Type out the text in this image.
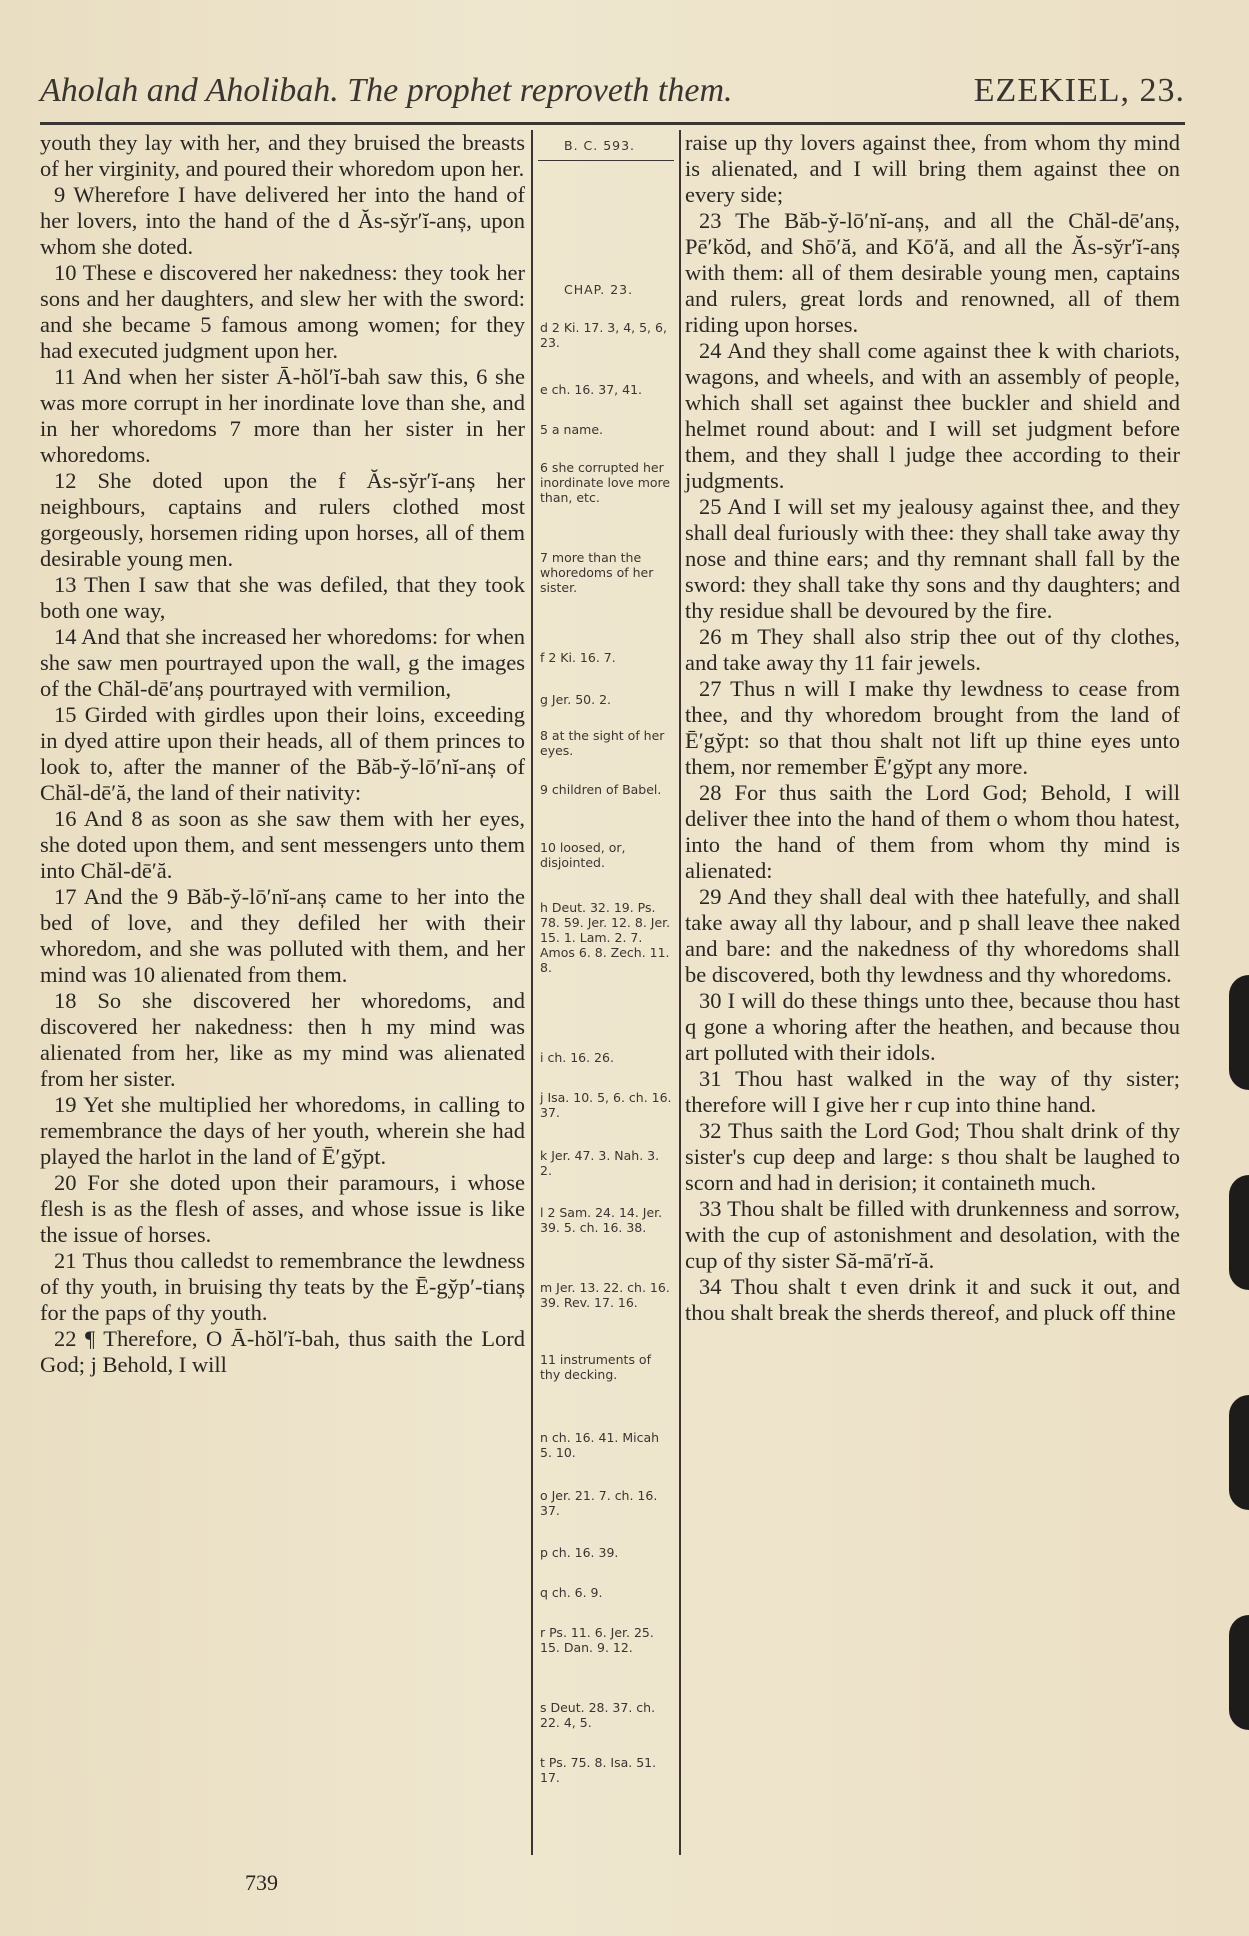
Aholah and Aholibah. The prophet reproveth them.	EZEKIEL, 23.

youth they lay with her, and they bruised the breasts of her virginity, and poured their whoredom upon her.

9 Wherefore I have delivered her into the hand of her lovers, into the hand of the d Ăs-sy̆r′ĭ-anș, upon whom she doted.

10 These e discovered her nakedness: they took her sons and her daughters, and slew her with the sword: and she became 5 famous among women; for they had executed judgment upon her.

11 And when her sister Ā-hŏl′ĭ-bah saw this, 6 she was more corrupt in her inordinate love than she, and in her whoredoms 7 more than her sister in her whoredoms.

12 She doted upon the f Ăs-sy̆r′ĭ-anș her neighbours, captains and rulers clothed most gorgeously, horsemen riding upon horses, all of them desirable young men.

13 Then I saw that she was defiled, that they took both one way,

14 And that she increased her whoredoms: for when she saw men pourtrayed upon the wall, g the images of the Chăl-dē′anș pourtrayed with vermilion,

15 Girded with girdles upon their loins, exceeding in dyed attire upon their heads, all of them princes to look to, after the manner of the Băb-y̆-lō′nĭ-anș of Chăl-dē′ă, the land of their nativity:

16 And 8 as soon as she saw them with her eyes, she doted upon them, and sent messengers unto them into Chăl-dē′ă.

17 And the 9 Băb-y̆-lō′nĭ-anș came to her into the bed of love, and they defiled her with their whoredom, and she was polluted with them, and her mind was 10 alienated from them.

18 So she discovered her whoredoms, and discovered her nakedness: then h my mind was alienated from her, like as my mind was alienated from her sister.

19 Yet she multiplied her whoredoms, in calling to remembrance the days of her youth, wherein she had played the harlot in the land of Ē′gy̆pt.

20 For she doted upon their paramours, i whose flesh is as the flesh of asses, and whose issue is like the issue of horses.

21 Thus thou calledst to remembrance the lewdness of thy youth, in bruising thy teats by the Ē-gy̆p′-tianș for the paps of thy youth.

22 ¶ Therefore, O Ā-hŏl′ĭ-bah, thus saith the Lord God; j Behold, I will

B. C. 593.
CHAP. 23.
d 2 Ki. 17. 3, 4, 5, 6, 23.
e ch. 16. 37, 41.
5 a name.
6 she corrupted her inordinate love more than, etc.
7 more than the whoredoms of her sister.
f 2 Ki. 16. 7.
g Jer. 50. 2.
8 at the sight of her eyes.
9 children of Babel.
10 loosed, or, disjointed.
h Deut. 32. 19. Ps. 78. 59. Jer. 12. 8. Jer. 15. 1. Lam. 2. 7. Amos 6. 8. Zech. 11. 8.
i ch. 16. 26.
j Isa. 10. 5, 6. ch. 16. 37.
k Jer. 47. 3. Nah. 3. 2.
l 2 Sam. 24. 14. Jer. 39. 5. ch. 16. 38.
m Jer. 13. 22. ch. 16. 39. Rev. 17. 16.
11 instruments of thy decking.
n ch. 16. 41. Micah 5. 10.
o Jer. 21. 7. ch. 16. 37.
p ch. 16. 39.
q ch. 6. 9.
r Ps. 11. 6. Jer. 25. 15. Dan. 9. 12.
s Deut. 28. 37. ch. 22. 4, 5.
t Ps. 75. 8. Isa. 51. 17.

raise up thy lovers against thee, from whom thy mind is alienated, and I will bring them against thee on every side;

23 The Băb-y̆-lō′nĭ-anș, and all the Chăl-dē′anș, Pē′kŏd, and Shō′ă, and Kō′ă, and all the Ăs-sy̆r′ĭ-anș with them: all of them desirable young men, captains and rulers, great lords and renowned, all of them riding upon horses.

24 And they shall come against thee k with chariots, wagons, and wheels, and with an assembly of people, which shall set against thee buckler and shield and helmet round about: and I will set judgment before them, and they shall l judge thee according to their judgments.

25 And I will set my jealousy against thee, and they shall deal furiously with thee: they shall take away thy nose and thine ears; and thy remnant shall fall by the sword: they shall take thy sons and thy daughters; and thy residue shall be devoured by the fire.

26 m They shall also strip thee out of thy clothes, and take away thy 11 fair jewels.

27 Thus n will I make thy lewdness to cease from thee, and thy whoredom brought from the land of Ē′gy̆pt: so that thou shalt not lift up thine eyes unto them, nor remember Ē′gy̆pt any more.

28 For thus saith the Lord God; Behold, I will deliver thee into the hand of them o whom thou hatest, into the hand of them from whom thy mind is alienated:

29 And they shall deal with thee hatefully, and shall take away all thy labour, and p shall leave thee naked and bare: and the nakedness of thy whoredoms shall be discovered, both thy lewdness and thy whoredoms.

30 I will do these things unto thee, because thou hast q gone a whoring after the heathen, and because thou art polluted with their idols.

31 Thou hast walked in the way of thy sister; therefore will I give her r cup into thine hand.

32 Thus saith the Lord God; Thou shalt drink of thy sister's cup deep and large: s thou shalt be laughed to scorn and had in derision; it containeth much.

33 Thou shalt be filled with drunkenness and sorrow, with the cup of astonishment and desolation, with the cup of thy sister Să-mā′rĭ-ă.

34 Thou shalt t even drink it and suck it out, and thou shalt break the sherds thereof, and pluck off thine

739
